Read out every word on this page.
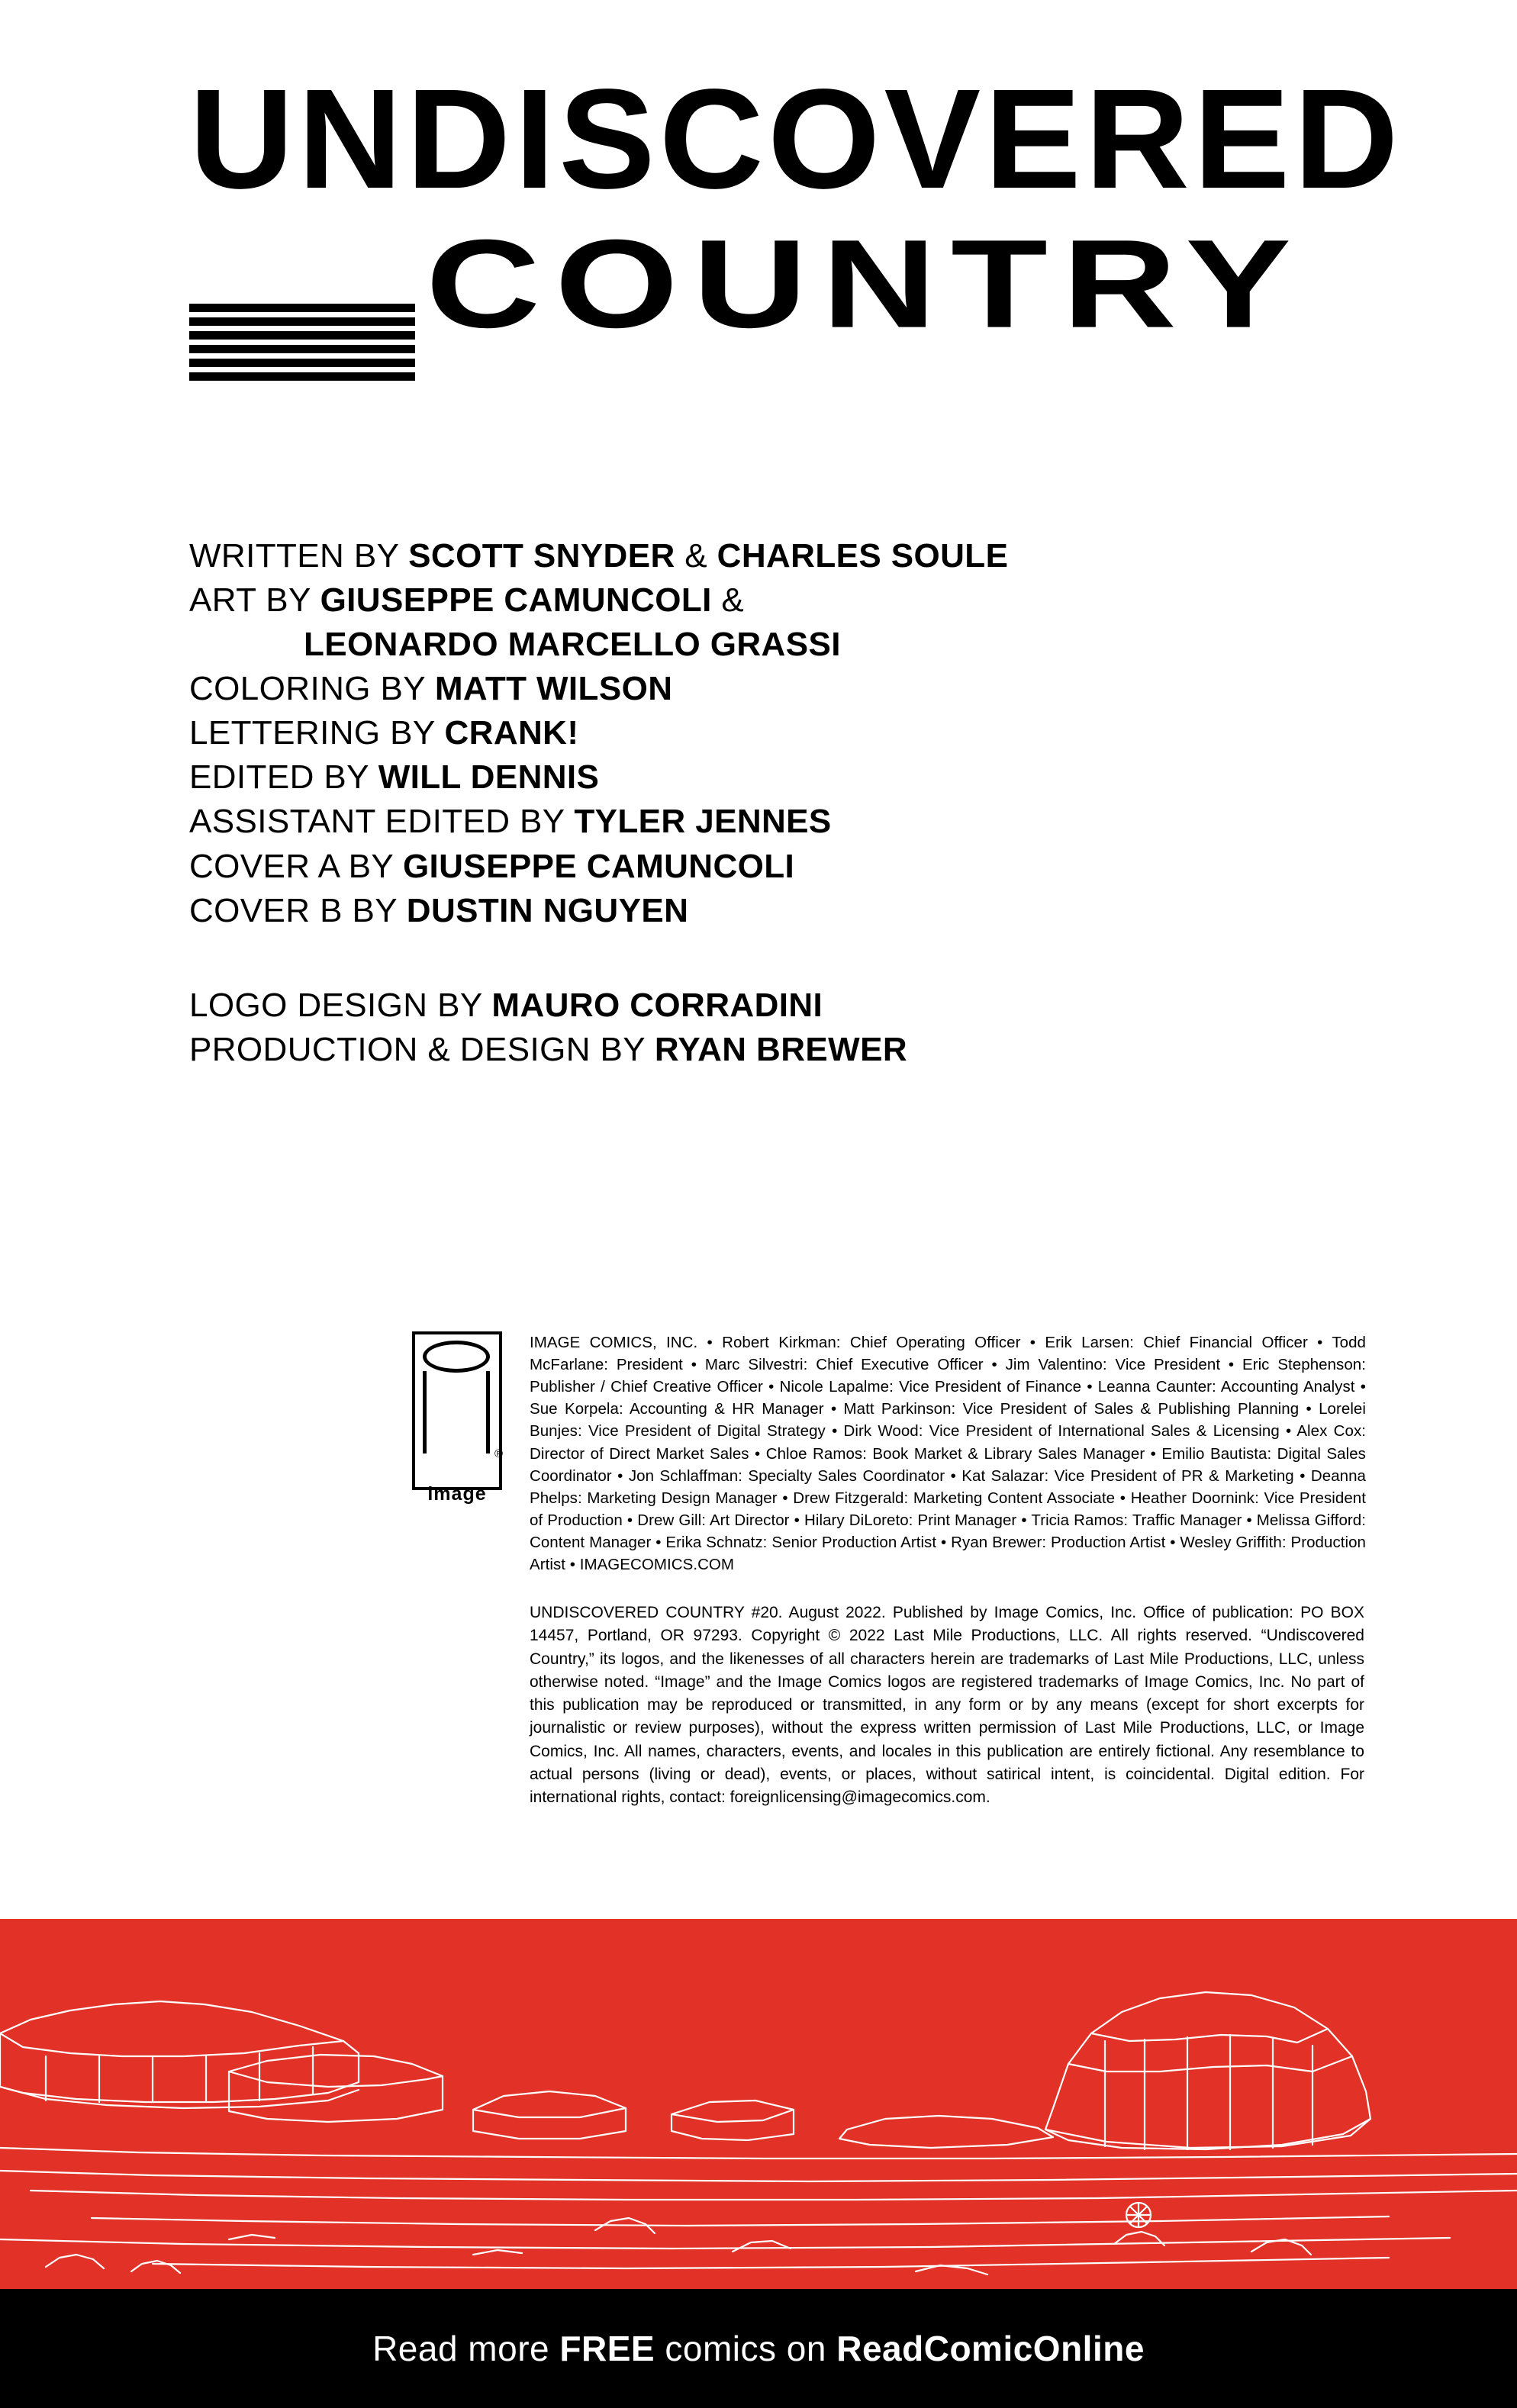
UNDISCOVERED
COUNTRY ★ ★ ★
★ ★
★ ★ ★
★ ★
WRITTEN BY SCOTT SNYDER & CHARLES SOULE
ART BY GIUSEPPE CAMUNCOLI &
LEONARDO MARCELLO GRASSI
COLORING BY MATT WILSON
LETTERING BY CRANK!
EDITED BY WILL DENNIS
ASSISTANT EDITED BY TYLER JENNES
COVER A BY GIUSEPPE CAMUNCOLI
COVER B BY DUSTIN NGUYEN
LOGO DESIGN BY MAURO CORRADINI
PRODUCTION & DESIGN BY RYAN BREWER
®
image
IMAGE COMICS, INC. • Robert Kirkman: Chief Operating Officer • Erik Larsen: Chief Financial Officer • Todd McFarlane: President • Marc Silvestri: Chief Executive Officer • Jim Valentino: Vice President • Eric Stephenson: Publisher / Chief Creative Officer • Nicole Lapalme: Vice President of Finance • Leanna Caunter: Accounting Analyst • Sue Korpela: Accounting & HR Manager • Matt Parkinson: Vice President of Sales & Publishing Planning • Lorelei Bunjes: Vice President of Digital Strategy • Dirk Wood: Vice President of International Sales & Licensing • Alex Cox: Director of Direct Market Sales • Chloe Ramos: Book Market & Library Sales Manager • Emilio Bautista: Digital Sales Coordinator • Jon Schlaffman: Specialty Sales Coordinator • Kat Salazar: Vice President of PR & Marketing • Deanna Phelps: Marketing Design Manager • Drew Fitzgerald: Marketing Content Associate • Heather Doornink: Vice President of Production • Drew Gill: Art Director • Hilary DiLoreto: Print Manager • Tricia Ramos: Traffic Manager • Melissa Gifford: Content Manager • Erika Schnatz: Senior Production Artist • Ryan Brewer: Production Artist • Wesley Griffith: Production Artist • IMAGECOMICS.COM
UNDISCOVERED COUNTRY #20. August 2022. Published by Image Comics, Inc. Office of publication: PO BOX 14457, Portland, OR 97293. Copyright © 2022 Last Mile Productions, LLC. All rights reserved. “Undiscovered Country,” its logos, and the likenesses of all characters herein are trademarks of Last Mile Productions, LLC, unless otherwise noted. “Image” and the Image Comics logos are registered trademarks of Image Comics, Inc. No part of this publication may be reproduced or transmitted, in any form or by any means (except for short excerpts for journalistic or review purposes), without the express written permission of Last Mile Productions, LLC, or Image Comics, Inc. All names, characters, events, and locales in this publication are entirely fictional. Any resemblance to actual persons (living or dead), events, or places, without satirical intent, is coincidental. Digital edition. For international rights, contact: foreignlicensing@imagecomics.com.
Read more FREE comics on ReadComicOnline
